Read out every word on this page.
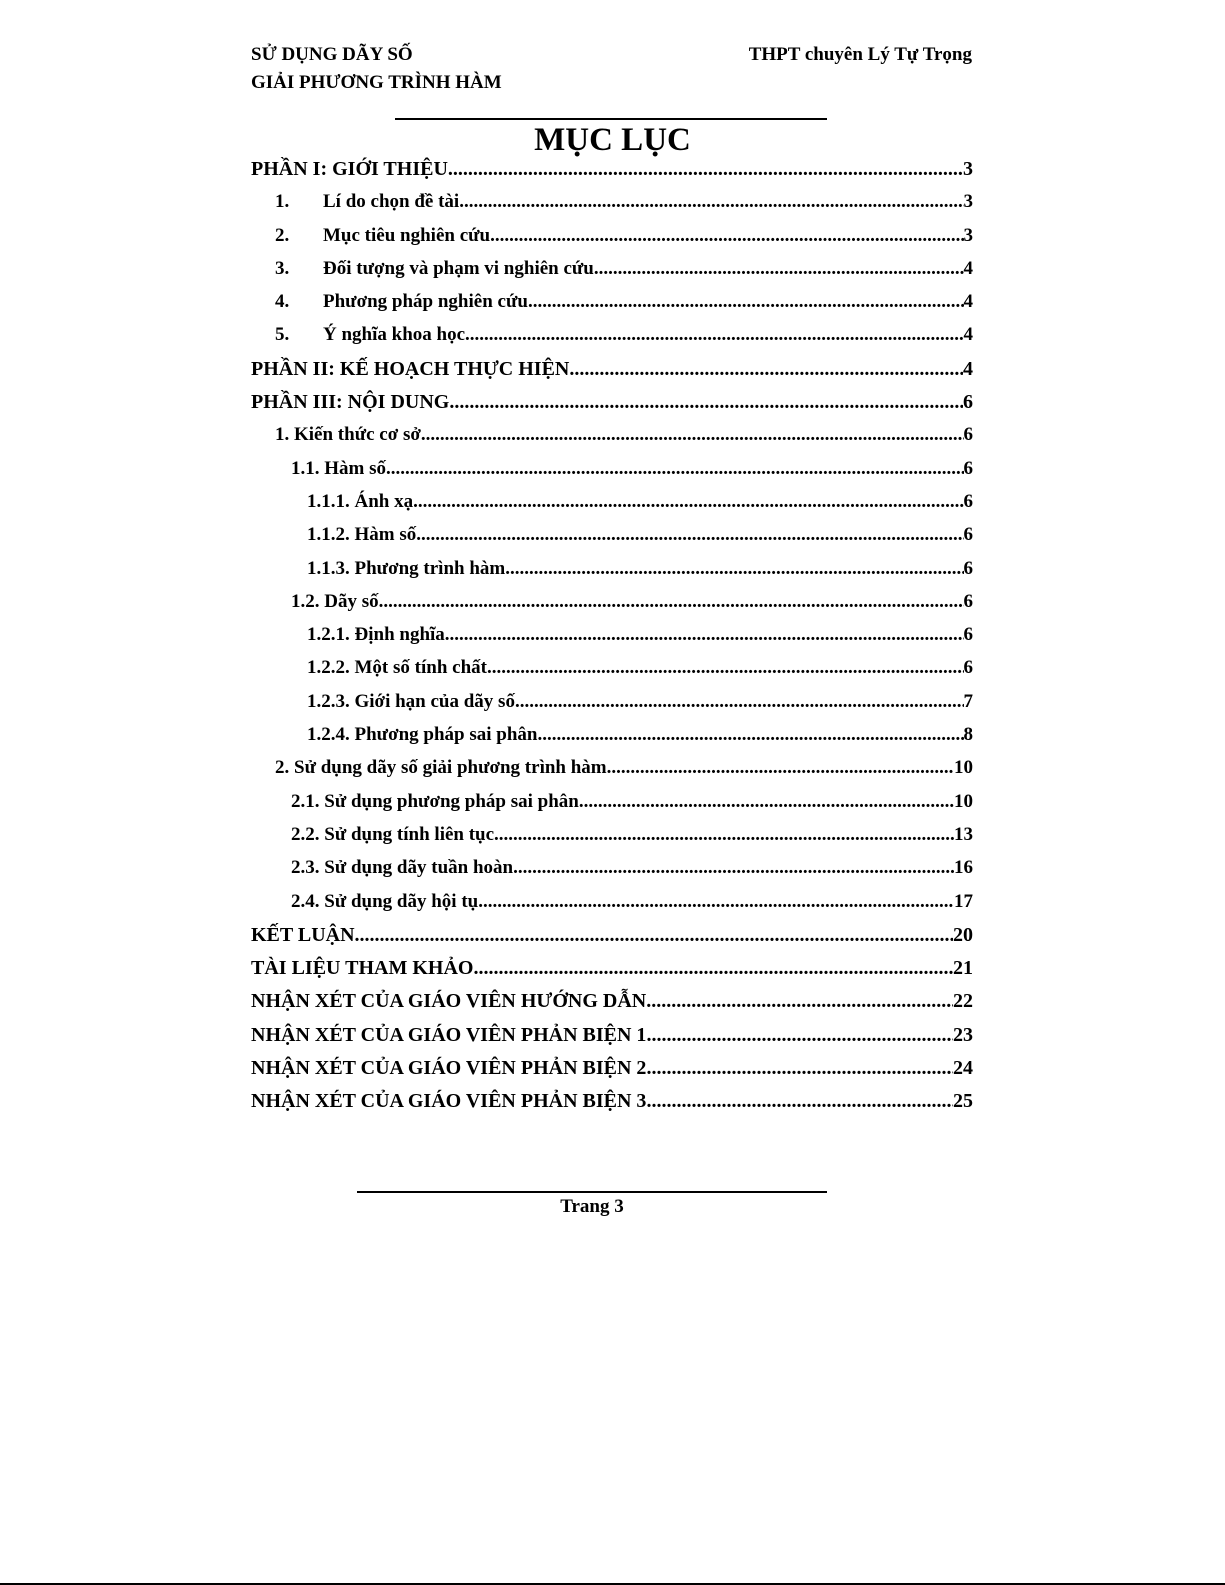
SỬ DỤNG DÃY SỐ
GIẢI PHƯƠNG TRÌNH HÀM
THPT chuyên Lý Tự Trọng
MỤC LỤC
PHẦN I: GIỚI THIỆU .....	3
1. Lí do chọn đề tài .....	3
2. Mục tiêu nghiên cứu .....	3
3. Đối tượng và phạm vi nghiên cứu .....	4
4. Phương pháp nghiên cứu .....	4
5. Ý nghĩa khoa học .....	4
PHẦN II: KẾ HOẠCH THỰC HIỆN .....	4
PHẦN III: NỘI DUNG .....	6
1. Kiến thức cơ sở .....	6
1.1. Hàm số .....	6
1.1.1. Ánh xạ .....	6
1.1.2. Hàm số .....	6
1.1.3. Phương trình hàm .....	6
1.2. Dãy số .....	6
1.2.1. Định nghĩa .....	6
1.2.2. Một số tính chất .....	6
1.2.3. Giới hạn của dãy số .....	7
1.2.4. Phương pháp sai phân .....	8
2. Sử dụng dãy số giải phương trình hàm .....	10
2.1. Sử dụng phương pháp sai phân .....	10
2.2. Sử dụng tính liên tục .....	13
2.3. Sử dụng dãy tuần hoàn .....	16
2.4. Sử dụng dãy hội tụ .....	17
KẾT LUẬN .....	20
TÀI LIỆU THAM KHẢO .....	21
NHẬN XÉT CỦA GIÁO VIÊN HƯỚNG DẪN .....	22
NHẬN XÉT CỦA GIÁO VIÊN PHẢN BIỆN 1 .....	23
NHẬN XÉT CỦA GIÁO VIÊN PHẢN BIỆN 2 .....	24
NHẬN XÉT CỦA GIÁO VIÊN PHẢN BIỆN 3 .....	25
Trang 3
